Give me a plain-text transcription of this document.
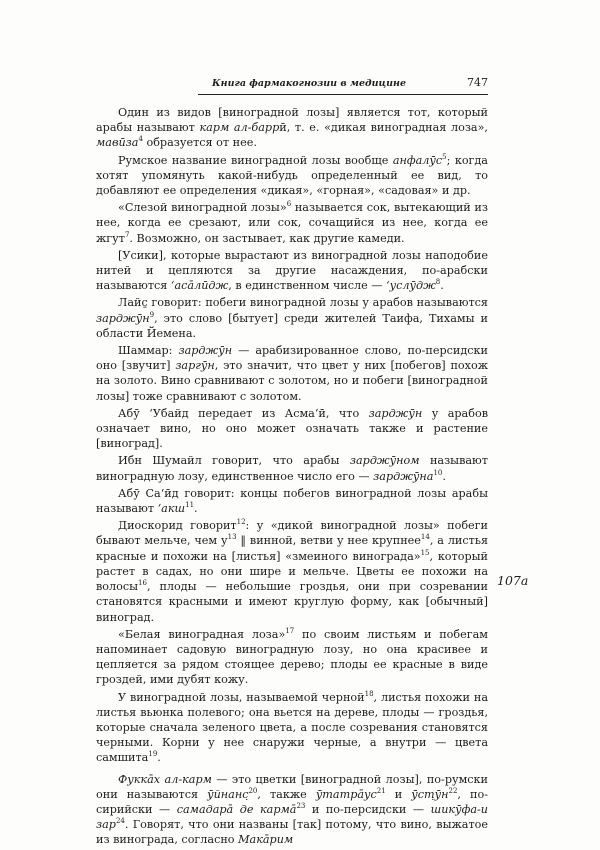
Книга фармакогнозии в медицине	747

Один из видов [виноградной лозы] является тот, который арабы называют карм ал-баррӣ, т. е. «дикая виноградная лоза», мавӣза$^4$ образуется от нее.

Румское название виноградной лозы вообще анфалӯс$^5$; когда хотят упомянуть какой-нибудь определенный ее вид, то добавляют ее определения «дикая», «горная», «садовая» и др.

«Слезой виноградной лозы»$^6$ называется сок, вытекающий из нее, когда ее срезают, или сок, сочащийся из нее, когда ее жгут$^7$. Возможно, он застывает, как другие камеди.

[Усики], которые вырастают из виноградной лозы наподобие нитей и цепляются за другие насаждения, по-арабски называются ʻасāлӣдж, в единственном числе — ʻуслӯдж$^8$.

Лайс̱ говорит: побеги виноградной лозы у арабов называются зарджӯн$^9$, это слово [бытует] среди жителей Таифа, Тихамы и области Йемена.

Шаммар: зарджӯн — арабизированное слово, по-персидски оно [звучит] заргӯн, это значит, что цвет у них [побегов] похож на золото. Вино сравнивают с золотом, но и побеги [виноградной лозы] тоже сравнивают с золотом.

Абӯ ʻУбайд передает из Асмаʻӣ, что зарджӯн у арабов означает вино, но оно может означать также и растение [виноград].

Ибн Шумайл говорит, что арабы зарджӯном называют виноградную лозу, единственное число его — зарджӯна$^{10}$.

Абӯ Саʻӣд говорит: концы побегов виноградной лозы арабы называют ʻакш$^{11}$.

Диоскорид говорит$^{12}$: у «дикой виноградной лозы» побеги бывают мельче, чем $у^{13}$ ‖ винной, ветви у нее крупнее$^{14}$, а листья красные и похожи на [листья] «змеиного винограда»$^{15}$, который растет в садах, но они шире и мельче. Цветы ее похожи на волосы$^{16}$, плоды — небольшие гроздья, они при созревании становятся красными и имеют круглую форму, как [обычный] виноград.

«Белая виноградная лоза»$^{17}$ по своим листьям и побегам напоминает садовую виноградную лозу, но она красивее и цепляется за рядом стоящее дерево; плоды ее красные в виде гроздей, ими дубят кожу.

У виноградной лозы, называемой черной$^{18}$, листья похожи на листья вьюнка полевого; она вьется на дереве, плоды — гроздья, которые сначала зеленого цвета, а после созревания становятся черными. Корни у нее снаружи черные, а внутри — цвета самшита$^{19}$.

Фуккāх ал-карм — это цветки [виноградной лозы], по-румски они называются ӯйнанс̣$^{20}$, также ӯтатрāус$^{21}$ и $ӯст̣ӯн^{22}$, по-сирийски — самадарā де кармā$^{23}$ и по-персидски — шикӯфа-и зар$^{24}$. Говорят, что они названы [так] потому, что вино, выжатое из винограда, согласно Макāрим

107a
